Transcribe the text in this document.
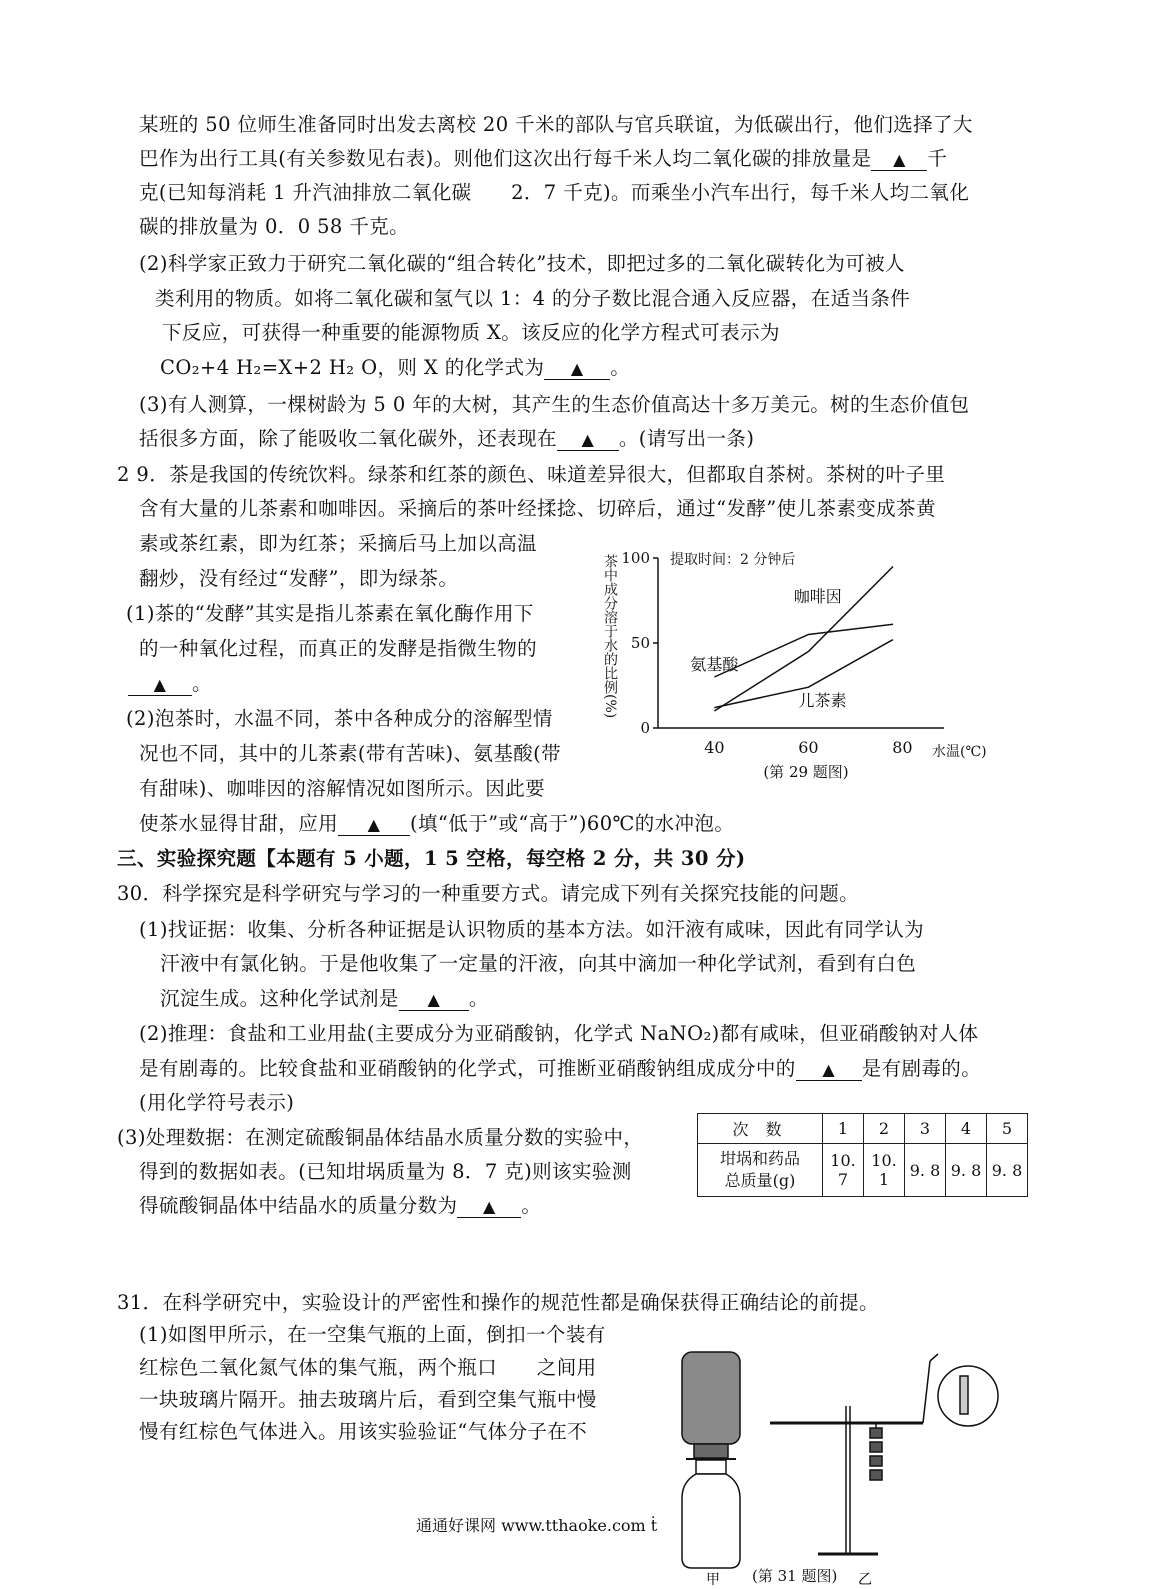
某班的 50 位师生准备同时出发去离校 20 千米的部队与官兵联谊，为低碳出行，他们选择了大
巴作为出行工具(有关参数见右表)。则他们这次出行每千米人均二氧化碳的排放量是 ▲ 千
克(已知每消耗 1 升汽油排放二氧化碳      2．7 千克)。而乘坐小汽车出行，每千米人均二氧化
碳的排放量为 0．0 58 千克。
(2)科学家正致力于研究二氧化碳的“组合转化”技术，即把过多的二氧化碳转化为可被人
类利用的物质。如将二氧化碳和氢气以 1：4 的分子数比混合通入反应器，在适当条件
下反应，可获得一种重要的能源物质 X。该反应的化学方程式可表示为
CO₂+4 H₂=X+2 H₂ O，则 X 的化学式为 ▲ 。
(3)有人测算，一棵树龄为 5 0 年的大树，其产生的生态价值高达十多万美元。树的生态价值包
括很多方面，除了能吸收二氧化碳外，还表现在 ▲ 。(请写出一条)
2 9．茶是我国的传统饮料。绿茶和红茶的颜色、味道差异很大，但都取自茶树。茶树的叶子里
含有大量的儿茶素和咖啡因。采摘后的茶叶经揉捻、切碎后，通过“发酵”使儿茶素变成茶黄
素或茶红素，即为红茶；采摘后马上加以高温
翻炒，没有经过“发酵”，即为绿茶。
(1)茶的“发酵”其实是指儿茶素在氧化酶作用下
的一种氧化过程，而真正的发酵是指微生物的
▲ 。
(2)泡茶时，水温不同，茶中各种成分的溶解型情
况也不同，其中的儿茶素(带有苦味)、氨基酸(带
有甜味)、咖啡因的溶解情况如图所示。因此要
使茶水显得甘甜，应用 ▲ (填“低于”或“高于”)60℃的水冲泡。
0
50
100
40	60	80 水温(℃)
茶中成分溶于水的比例(%)	提取时间：2 分钟后
(第 29 题图)
咖啡因
氨基酸
儿茶素
三、实验探究题【本题有 5 小题，1 5 空格，每空格 2 分，共 30 分)
30．科学探究是科学研究与学习的一种重要方式。请完成下列有关探究技能的问题。
(1)找证据：收集、分析各种证据是认识物质的基本方法。如汗液有咸味，因此有同学认为
汗液中有氯化钠。于是他收集了一定量的汗液，向其中滴加一种化学试剂，看到有白色
沉淀生成。这种化学试剂是 ▲ 。
(2)推理：食盐和工业用盐(主要成分为亚硝酸钠，化学式 NaNO₂)都有咸味，但亚硝酸钠对人体
是有剧毒的。比较食盐和亚硝酸钠的化学式，可推断亚硝酸钠组成成分中的 ▲ 是有剧毒的。
(用化学符号表示)
(3)处理数据：在测定硫酸铜晶体结晶水质量分数的实验中，
得到的数据如表。(已知坩埚质量为 8．7 克)则该实验测
得硫酸铜晶体中结晶水的质量分数为 ▲ 。
次 数	1	2	3	4	5
坩埚和药品
总质量(g)	10. 7	10. 1	9. 8	9. 8	9. 8
31．在科学研究中，实验设计的严密性和操作的规范性都是确保获得正确结论的前提。
(1)如图甲所示，在一空集气瓶的上面，倒扣一个装有
红棕色二氧化氮气体的集气瓶，两个瓶口      之间用
一块玻璃片隔开。抽去玻璃片后，看到空集气瓶中慢
慢有红棕色气体进入。用该实验验证“气体分子在不
甲	乙
(第 31 题图)
通通好课网 www.tthaoke.com ṫ
